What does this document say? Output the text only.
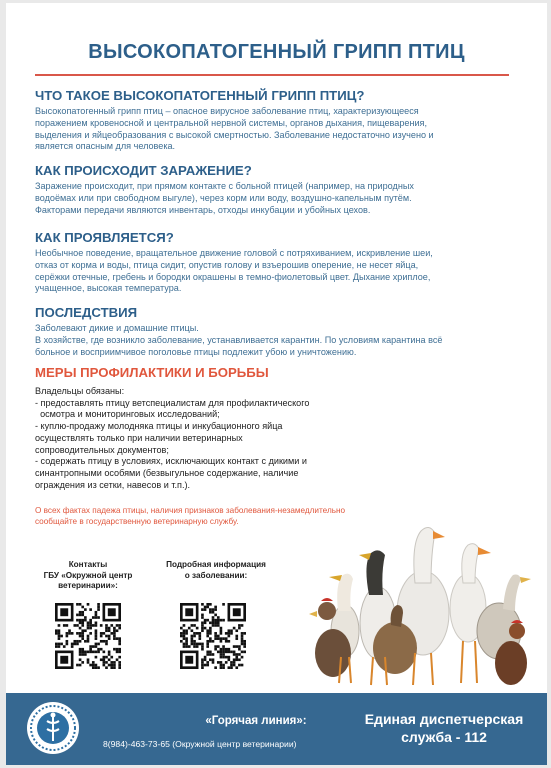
ВЫСОКОПАТОГЕННЫЙ ГРИПП ПТИЦ
ЧТО ТАКОЕ ВЫСОКОПАТОГЕННЫЙ ГРИПП ПТИЦ?

Высокопатогенный грипп птиц – опасное вирусное заболевание птиц, характеризующееся
поражением кровеносной и центральной нервной системы, органов дыхания, пищеварения,
выделения и яйцеобразования с высокой смертностью. Заболевание недостаточно изучено и
является опасным для человека.

КАК ПРОИСХОДИТ ЗАРАЖЕНИЕ?

Заражение происходит, при прямом контакте с больной птицей (например, на природных
водоёмах или при свободном выгуле), через корм или воду, воздушно-капельным путём.
Факторами передачи являются инвентарь, отходы инкубации и убойных цехов.

КАК ПРОЯВЛЯЕТСЯ?

Необычное поведение, вращательное движение головой с потряхиванием, искривление шеи,
отказ от корма и воды, птица сидит, опустив голову и взъерошив оперение, не несет яйца,
серёжки отечные, гребень и бородки окрашены в темно-фиолетовый цвет. Дыхание хриплое,
учащенное, высокая температура.

ПОСЛЕДСТВИЯ

Заболевают дикие и домашние птицы.
В хозяйстве, где возникло заболевание, устанавливается карантин. По условиям карантина всё
больное и восприимчивое поголовье птицы подлежит убою и уничтожению.

МЕРЫ ПРОФИЛАКТИКИ И БОРЬБЫ
Владельцы обязаны:
- предоставлять птицу ветспециалистам для профилактического
осмотра и мониторинговых исследований;
- куплю-продажу молодняка птицы и инкубационного яйца
осуществлять только при наличии ветеринарных
сопроводительных документов;
- содержать птицу в условиях, исключающих контакт с дикими и
синантропными особями (безвыгульное содержание, наличие
ограждения из сетки, навесов и т.п.).
О всех фактах падежа птицы, наличия признаков заболевания-незамедлительно
сообщайте в государственную ветеринарную службу.
Контакты
ГБУ «Окружной центр
ветеринарии»:
Подробная информация
о заболевании:
«Горячая линия»:
8(984)-463-73-65 (Окружной центр ветеринарии)
Единая диспетчерская
служба - 112
